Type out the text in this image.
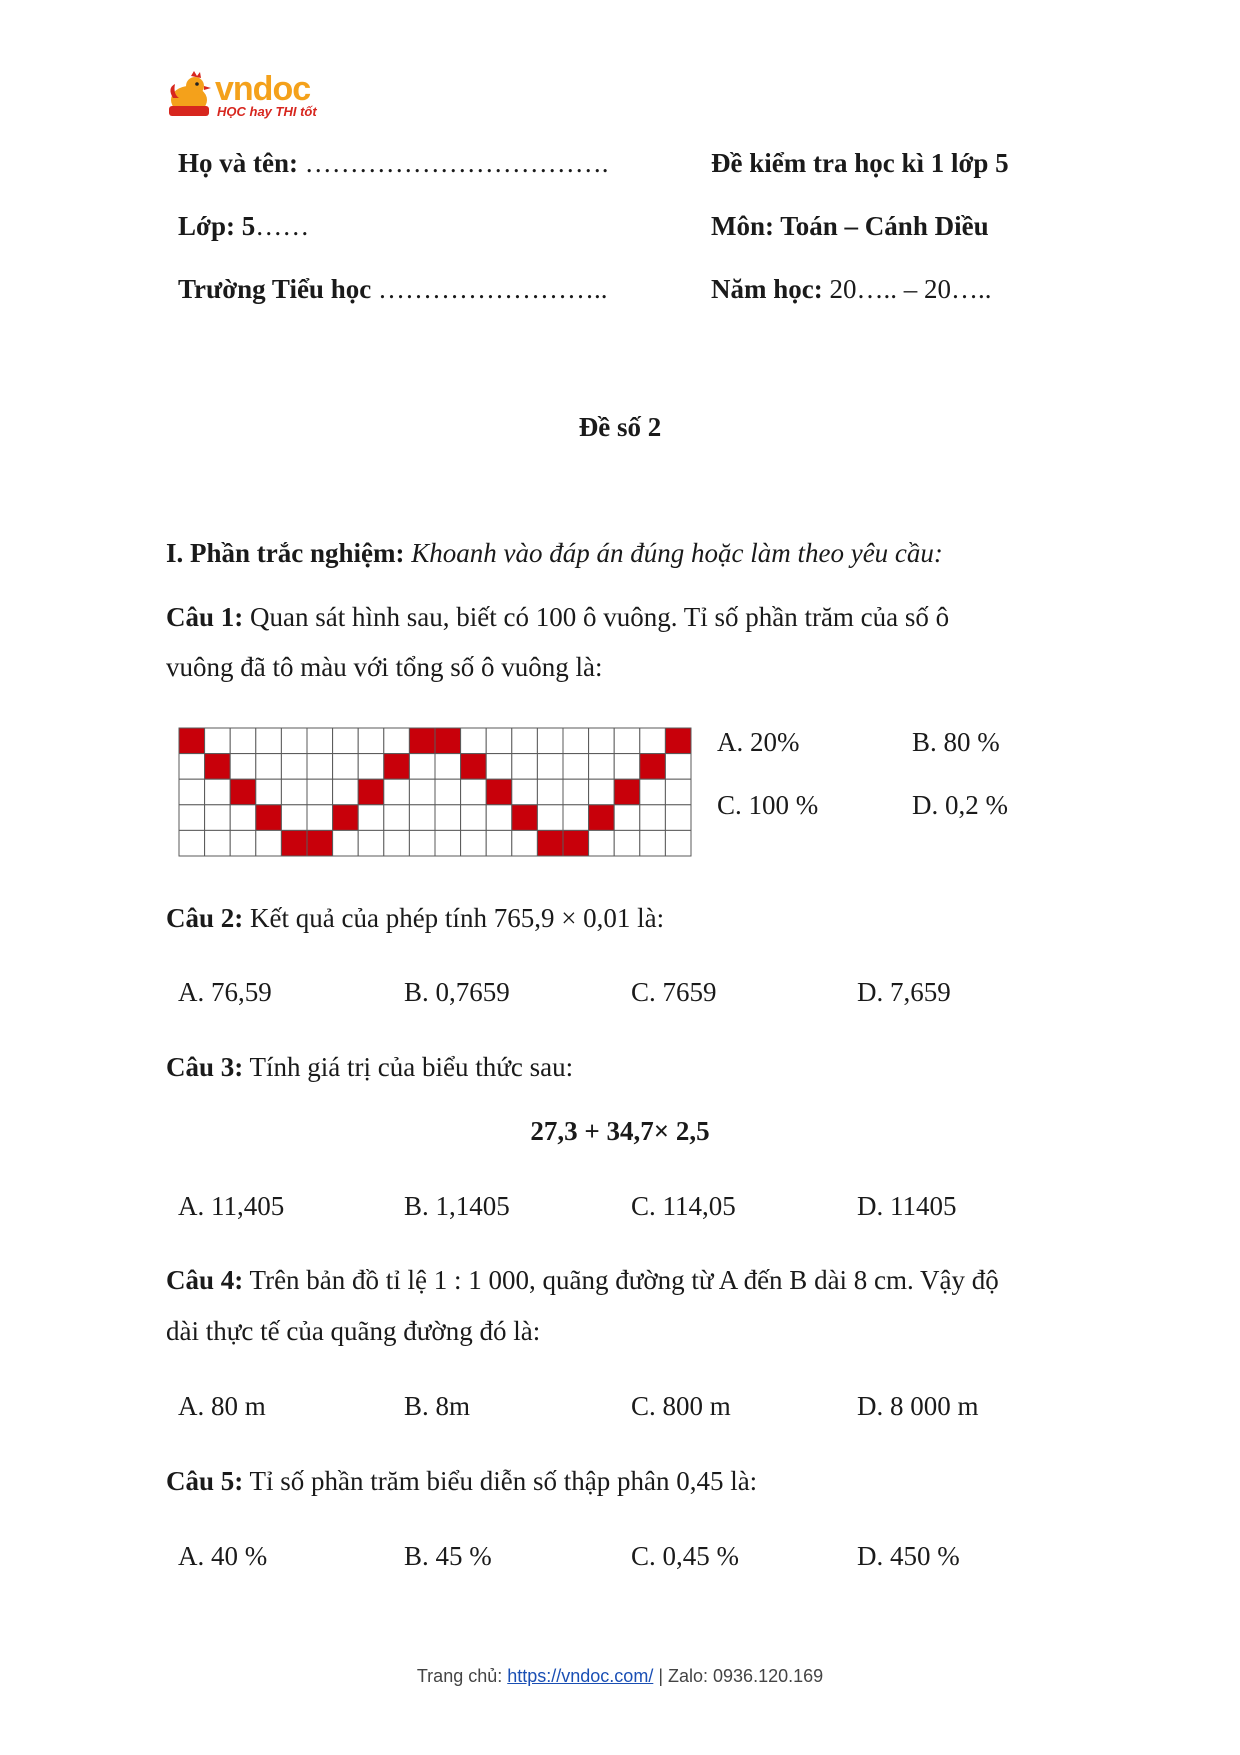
vndoc
HỌC hay THI tốt
Họ và tên: …………………………….
Lớp: 5……
Trường Tiểu học ……………………..
Đề kiểm tra học kì 1 lớp 5
Môn: Toán – Cánh Diều
Năm học: 20….. – 20…..
Đề số 2
I. Phần trắc nghiệm: Khoanh vào đáp án đúng hoặc làm theo yêu cầu:
Câu 1: Quan sát hình sau, biết có 100 ô vuông. Tỉ số phần trăm của số ô
vuông đã tô màu với tổng số ô vuông là:
A. 20%	B. 80 %
C. 100 %	D. 0,2 %
Câu 2: Kết quả của phép tính 765,9 × 0,01 là:
A. 76,59	B. 0,7659	C. 7659	D. 7,659
Câu 3: Tính giá trị của biểu thức sau:
27,3 + 34,7× 2,5
A. 11,405	B. 1,1405	C. 114,05	D. 11405
Câu 4: Trên bản đồ tỉ lệ 1 : 1 000, quãng đường từ A đến B dài 8 cm. Vậy độ
dài thực tế của quãng đường đó là:
A. 80 m	B. 8m	C. 800 m	D. 8 000 m
Câu 5: Tỉ số phần trăm biểu diễn số thập phân 0,45 là:
A. 40 %	B. 45 %	C. 0,45 %	D. 450 %
Trang chủ: https://vndoc.com/ | Zalo: 0936.120.169
